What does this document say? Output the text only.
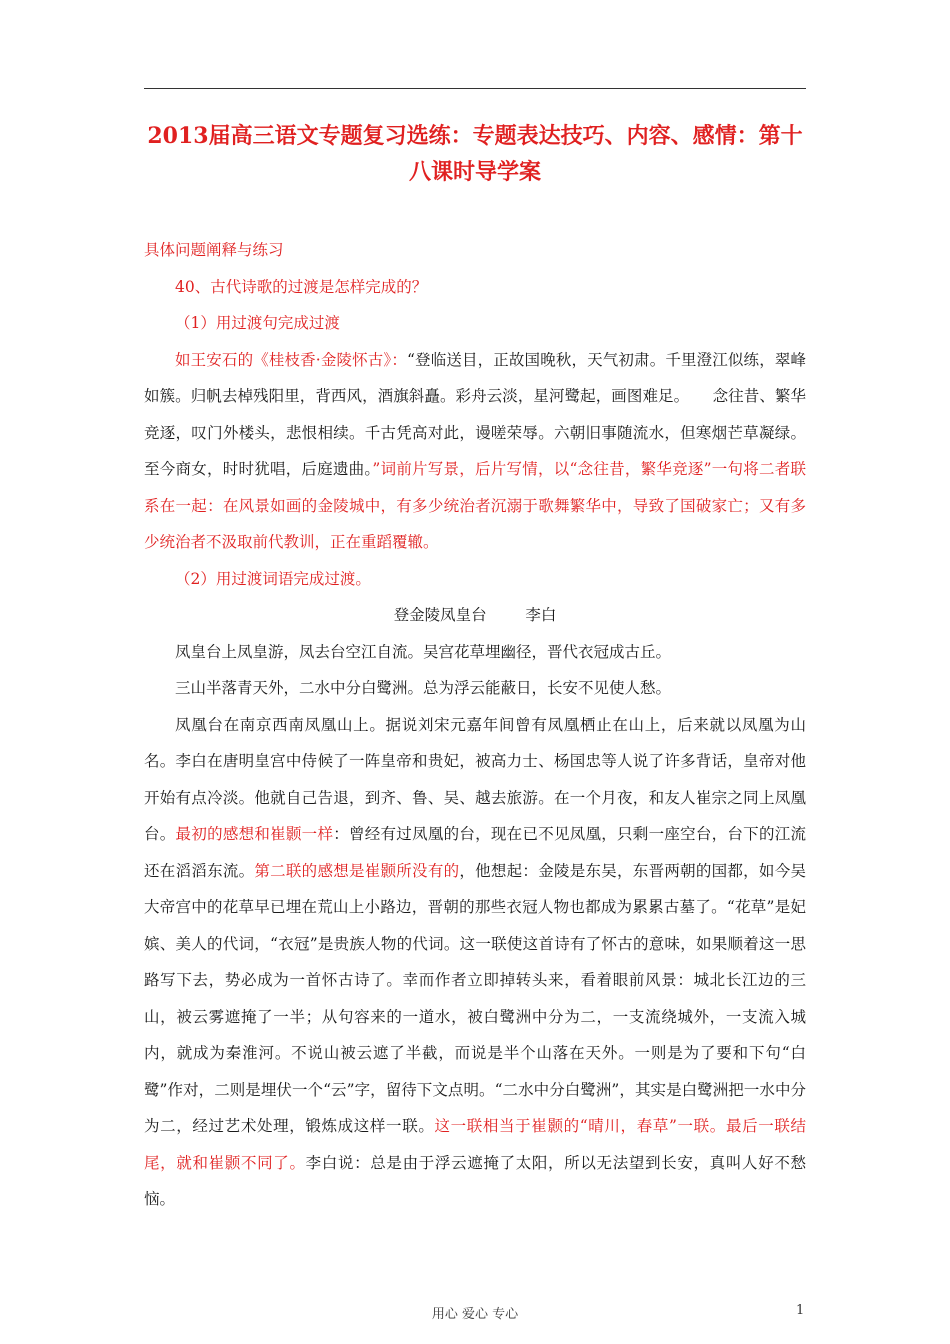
2013届高三语文专题复习选练：专题表达技巧、内容、感情：第十八课时导学案

具体问题阐释与练习

40、古代诗歌的过渡是怎样完成的？

（1）用过渡句完成过渡

如王安石的《桂枝香·金陵怀古》：“登临送目，正故国晚秋，天气初肃。千里澄江似练，翠峰如簇。归帆去棹残阳里，背西风，酒旗斜矗。彩舟云淡，星河鹭起，画图难足。　　念往昔、繁华竞逐，叹门外楼头，悲恨相续。千古凭高对此，谩嗟荣辱。六朝旧事随流水，但寒烟芒草凝绿。至今商女，时时犹唱，后庭遗曲。”词前片写景，后片写情，以“念往昔，繁华竞逐”一句将二者联系在一起：在风景如画的金陵城中，有多少统治者沉溺于歌舞繁华中，导致了国破家亡；又有多少统治者不汲取前代教训，正在重蹈覆辙。

（2）用过渡词语完成过渡。

登金陵凤皇台	李白

凤皇台上凤皇游，凤去台空江自流。吴宫花草埋幽径，晋代衣冠成古丘。

三山半落青天外，二水中分白鹭洲。总为浮云能蔽日，长安不见使人愁。

凤凰台在南京西南凤凰山上。据说刘宋元嘉年间曾有凤凰栖止在山上，后来就以凤凰为山名。李白在唐明皇宫中侍候了一阵皇帝和贵妃，被高力士、杨国忠等人说了许多背话，皇帝对他开始有点冷淡。他就自己告退，到齐、鲁、吴、越去旅游。在一个月夜，和友人崔宗之同上凤凰台。最初的感想和崔颢一样：曾经有过凤凰的台，现在已不见凤凰，只剩一座空台，台下的江流还在滔滔东流。第二联的感想是崔颢所没有的，他想起：金陵是东吴，东晋两朝的国都，如今吴大帝宫中的花草早已埋在荒山上小路边，晋朝的那些衣冠人物也都成为累累古墓了。“花草”是妃嫔、美人的代词，“衣冠”是贵族人物的代词。这一联使这首诗有了怀古的意味，如果顺着这一思路写下去，势必成为一首怀古诗了。幸而作者立即掉转头来，看着眼前风景：城北长江边的三山，被云雾遮掩了一半；从句容来的一道水，被白鹭洲中分为二，一支流绕城外，一支流入城内，就成为秦淮河。不说山被云遮了半截，而说是半个山落在天外。一则是为了要和下句“白鹭”作对，二则是埋伏一个“云”字，留待下文点明。“二水中分白鹭洲”，其实是白鹭洲把一水中分为二，经过艺术处理，锻炼成这样一联。这一联相当于崔颢的“晴川，春草”一联。最后一联结尾，就和崔颢不同了。李白说：总是由于浮云遮掩了太阳，所以无法望到长安，真叫人好不愁恼。

用心 爱心 专心	1
